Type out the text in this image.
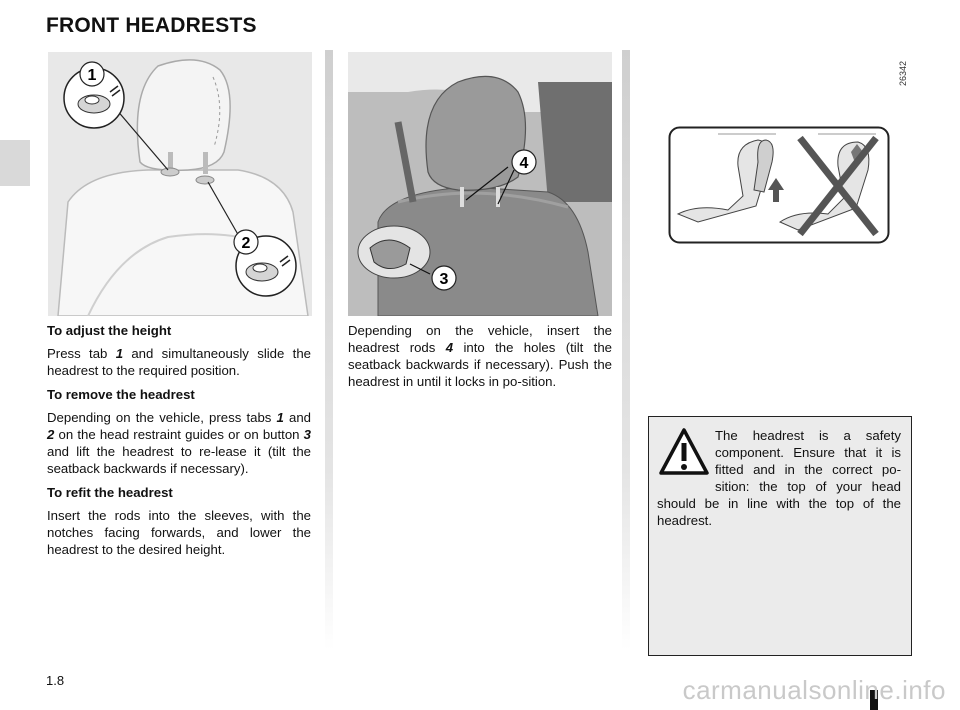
FRONT HEADRESTS
1
2
4
3
26342

To adjust the height

Press tab 1 and simultaneously slide the headrest to the required position.

To remove the headrest

Depending on the vehicle, press tabs 1 and 2 on the head restraint guides or on button 3 and lift the headrest to re-lease it (tilt the seatback backwards if necessary).

To refit the headrest

Insert the rods into the sleeves, with the notches facing forwards, and lower the headrest to the desired height.

Depending on the vehicle, insert the headrest rods 4 into the holes (tilt the seatback backwards if necessary). Push the headrest in until it locks in po-sition.

The headrest is a safety component. Ensure that it is fitted and in the correct po-sition: the top of your head should be in line with the top of the headrest.
1.8	carmanualsonline.info
